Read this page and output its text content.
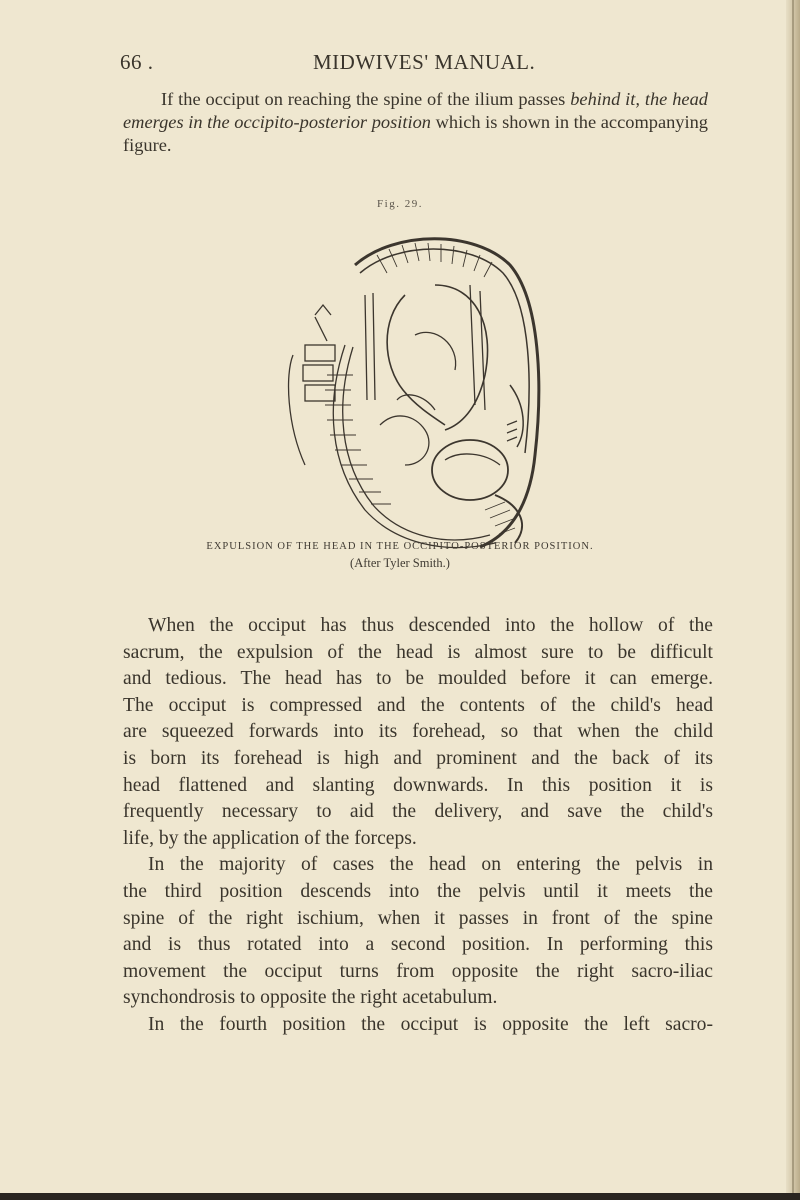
66 .	MIDWIVES' MANUAL.

If the occiput on reaching the spine of the ilium passes behind it, the head emerges in the occipito-posterior position which is shown in the accompanying figure.

Fig. 29.
EXPULSION OF THE HEAD IN THE OCCIPITO-POSTERIOR POSITION.
(After Tyler Smith.)
When the occiput has thus descended into the hollow of the
sacrum, the expulsion of the head is almost sure to be difficult
and tedious. The head has to be moulded before it can emerge.
The occiput is compressed and the contents of the child's head
are squeezed forwards into its forehead, so that when the child
is born its forehead is high and prominent and the back of its
head flattened and slanting downwards. In this position it is
frequently necessary to aid the delivery, and save the child's
life, by the application of the forceps.
In the majority of cases the head on entering the pelvis in
the third position descends into the pelvis until it meets the
spine of the right ischium, when it passes in front of the spine
and is thus rotated into a second position. In performing this
movement the occiput turns from opposite the right sacro-iliac
synchondrosis to opposite the right acetabulum.
In the fourth position the occiput is opposite the left sacro-
